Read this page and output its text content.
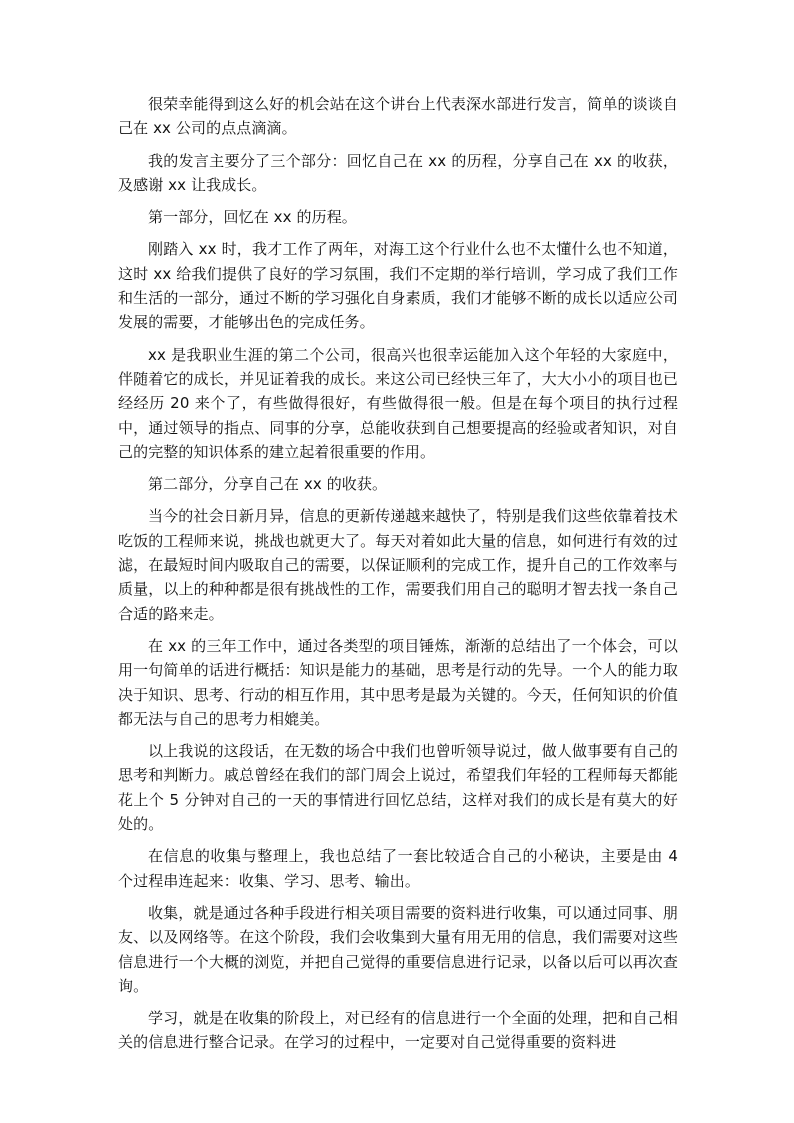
很荣幸能得到这么好的机会站在这个讲台上代表深水部进行发言，简单的谈谈自己在 xx 公司的点点滴滴。

我的发言主要分了三个部分：回忆自己在 xx 的历程，分享自己在 xx 的收获，及感谢 xx 让我成长。

第一部分，回忆在 xx 的历程。

刚踏入 xx 时，我才工作了两年，对海工这个行业什么也不太懂什么也不知道，这时 xx 给我们提供了良好的学习氛围，我们不定期的举行培训，学习成了我们工作和生活的一部分，通过不断的学习强化自身素质，我们才能够不断的成长以适应公司发展的需要，才能够出色的完成任务。

xx 是我职业生涯的第二个公司，很高兴也很幸运能加入这个年轻的大家庭中，伴随着它的成长，并见证着我的成长。来这公司已经快三年了，大大小小的项目也已经经历 20 来个了，有些做得很好，有些做得很一般。但是在每个项目的执行过程中，通过领导的指点、同事的分享，总能收获到自己想要提高的经验或者知识，对自己的完整的知识体系的建立起着很重要的作用。

第二部分，分享自己在 xx 的收获。

当今的社会日新月异，信息的更新传递越来越快了，特别是我们这些依靠着技术吃饭的工程师来说，挑战也就更大了。每天对着如此大量的信息，如何进行有效的过滤，在最短时间内吸取自己的需要，以保证顺利的完成工作，提升自己的工作效率与质量，以上的种种都是很有挑战性的工作，需要我们用自己的聪明才智去找一条自己合适的路来走。

在 xx 的三年工作中，通过各类型的项目锤炼，渐渐的总结出了一个体会，可以用一句简单的话进行概括：知识是能力的基础，思考是行动的先导。一个人的能力取决于知识、思考、行动的相互作用，其中思考是最为关键的。今天，任何知识的价值都无法与自己的思考力相媲美。

以上我说的这段话，在无数的场合中我们也曾听领导说过，做人做事要有自己的思考和判断力。戚总曾经在我们的部门周会上说过，希望我们年轻的工程师每天都能花上个 5 分钟对自己的一天的事情进行回忆总结，这样对我们的成长是有莫大的好处的。

在信息的收集与整理上，我也总结了一套比较适合自己的小秘诀，主要是由 4 个过程串连起来：收集、学习、思考、输出。

收集，就是通过各种手段进行相关项目需要的资料进行收集，可以通过同事、朋友、以及网络等。在这个阶段，我们会收集到大量有用无用的信息，我们需要对这些信息进行一个大概的浏览，并把自己觉得的重要信息进行记录，以备以后可以再次查询。

学习，就是在收集的阶段上，对已经有的信息进行一个全面的处理，把和自己相关的信息进行整合记录。在学习的过程中，一定要对自己觉得重要的资料进
